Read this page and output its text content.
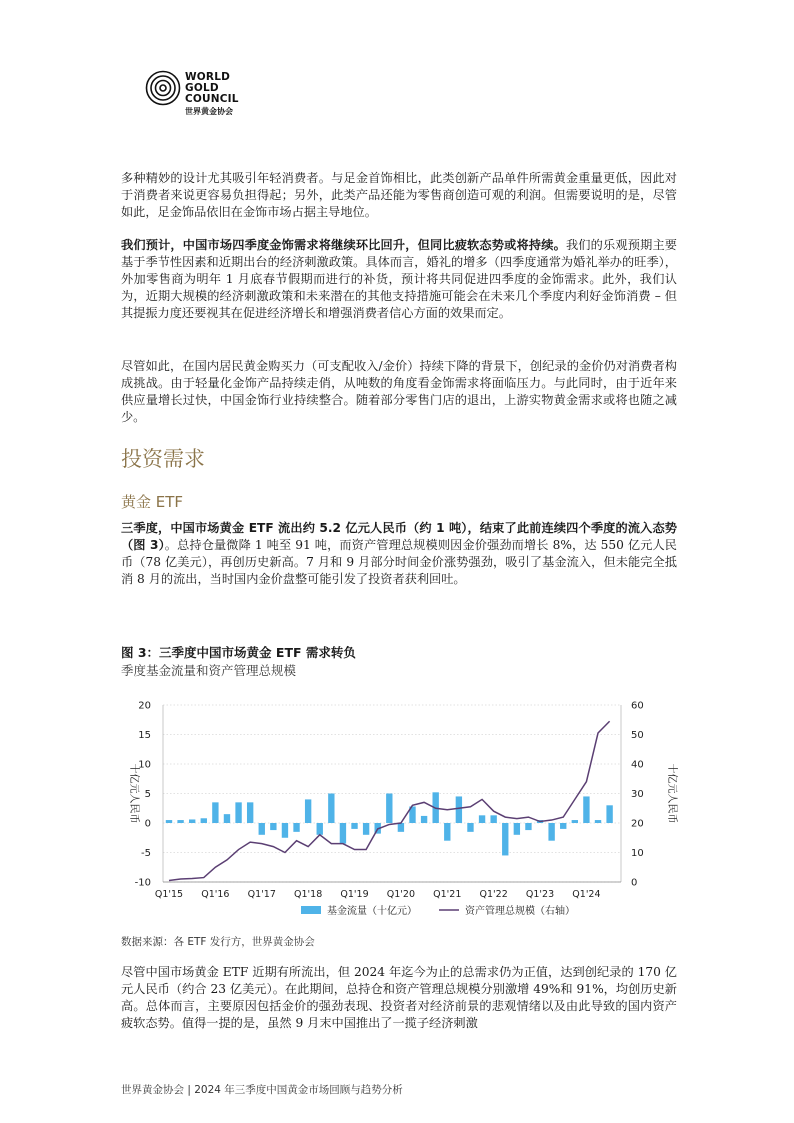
WORLD
GOLD
COUNCIL
世界黄金协会

多种精妙的设计尤其吸引年轻消费者。与足金首饰相比，此类创新产品单件所需黄金重量更低，因此对于消费者来说更容易负担得起；另外，此类产品还能为零售商创造可观的利润。但需要说明的是，尽管如此，足金饰品依旧在金饰市场占据主导地位。

我们预计，中国市场四季度金饰需求将继续环比回升，但同比疲软态势或将持续。我们的乐观预期主要基于季节性因素和近期出台的经济刺激政策。具体而言，婚礼的增多（四季度通常为婚礼举办的旺季），外加零售商为明年 1 月底春节假期而进行的补货，预计将共同促进四季度的金饰需求。此外，我们认为，近期大规模的经济刺激政策和未来潜在的其他支持措施可能会在未来几个季度内利好金饰消费 – 但其提振力度还要视其在促进经济增长和增强消费者信心方面的效果而定。

尽管如此，在国内居民黄金购买力（可支配收入/金价）持续下降的背景下，创纪录的金价仍对消费者构成挑战。由于轻量化金饰产品持续走俏，从吨数的角度看金饰需求将面临压力。与此同时，由于近年来供应量增长过快，中国金饰行业持续整合。随着部分零售门店的退出，上游实物黄金需求或将也随之减少。

投资需求
黄金 ETF

三季度，中国市场黄金 ETF 流出约 5.2 亿元人民币（约 1 吨），结束了此前连续四个季度的流入态势（图 3）。总持仓量微降 1 吨至 91 吨，而资产管理总规模则因金价强劲而增长 8%，达 550 亿元人民币（78 亿美元），再创历史新高。7 月和 9 月部分时间金价涨势强劲，吸引了基金流入，但未能完全抵消 8 月的流出，当时国内金价盘整可能引发了投资者获利回吐。

图 3：三季度中国市场黄金 ETF 需求转负
季度基金流量和资产管理总规模
-10
-5
0
5
10
15
20
0
10
20
30
40
50
60
十亿元人民币	十亿元人民币
Q1'15 Q1'16 Q1'17 Q1'18 Q1'19 Q1'20 Q1'21 Q1'22 Q1'23 Q1'24
基金流量（十亿元）	资产管理总规模（右轴）
数据来源：各 ETF 发行方，世界黄金协会

尽管中国市场黄金 ETF 近期有所流出，但 2024 年迄今为止的总需求仍为正值，达到创纪录的 170 亿元人民币（约合 23 亿美元）。在此期间，总持仓和资产管理总规模分别激增 49%和 91%，均创历史新高。总体而言，主要原因包括金价的强劲表现、投资者对经济前景的悲观情绪以及由此导致的国内资产疲软态势。值得一提的是，虽然 9 月末中国推出了一揽子经济刺激

世界黄金协会 | 2024 年三季度中国黄金市场回顾与趋势分析
